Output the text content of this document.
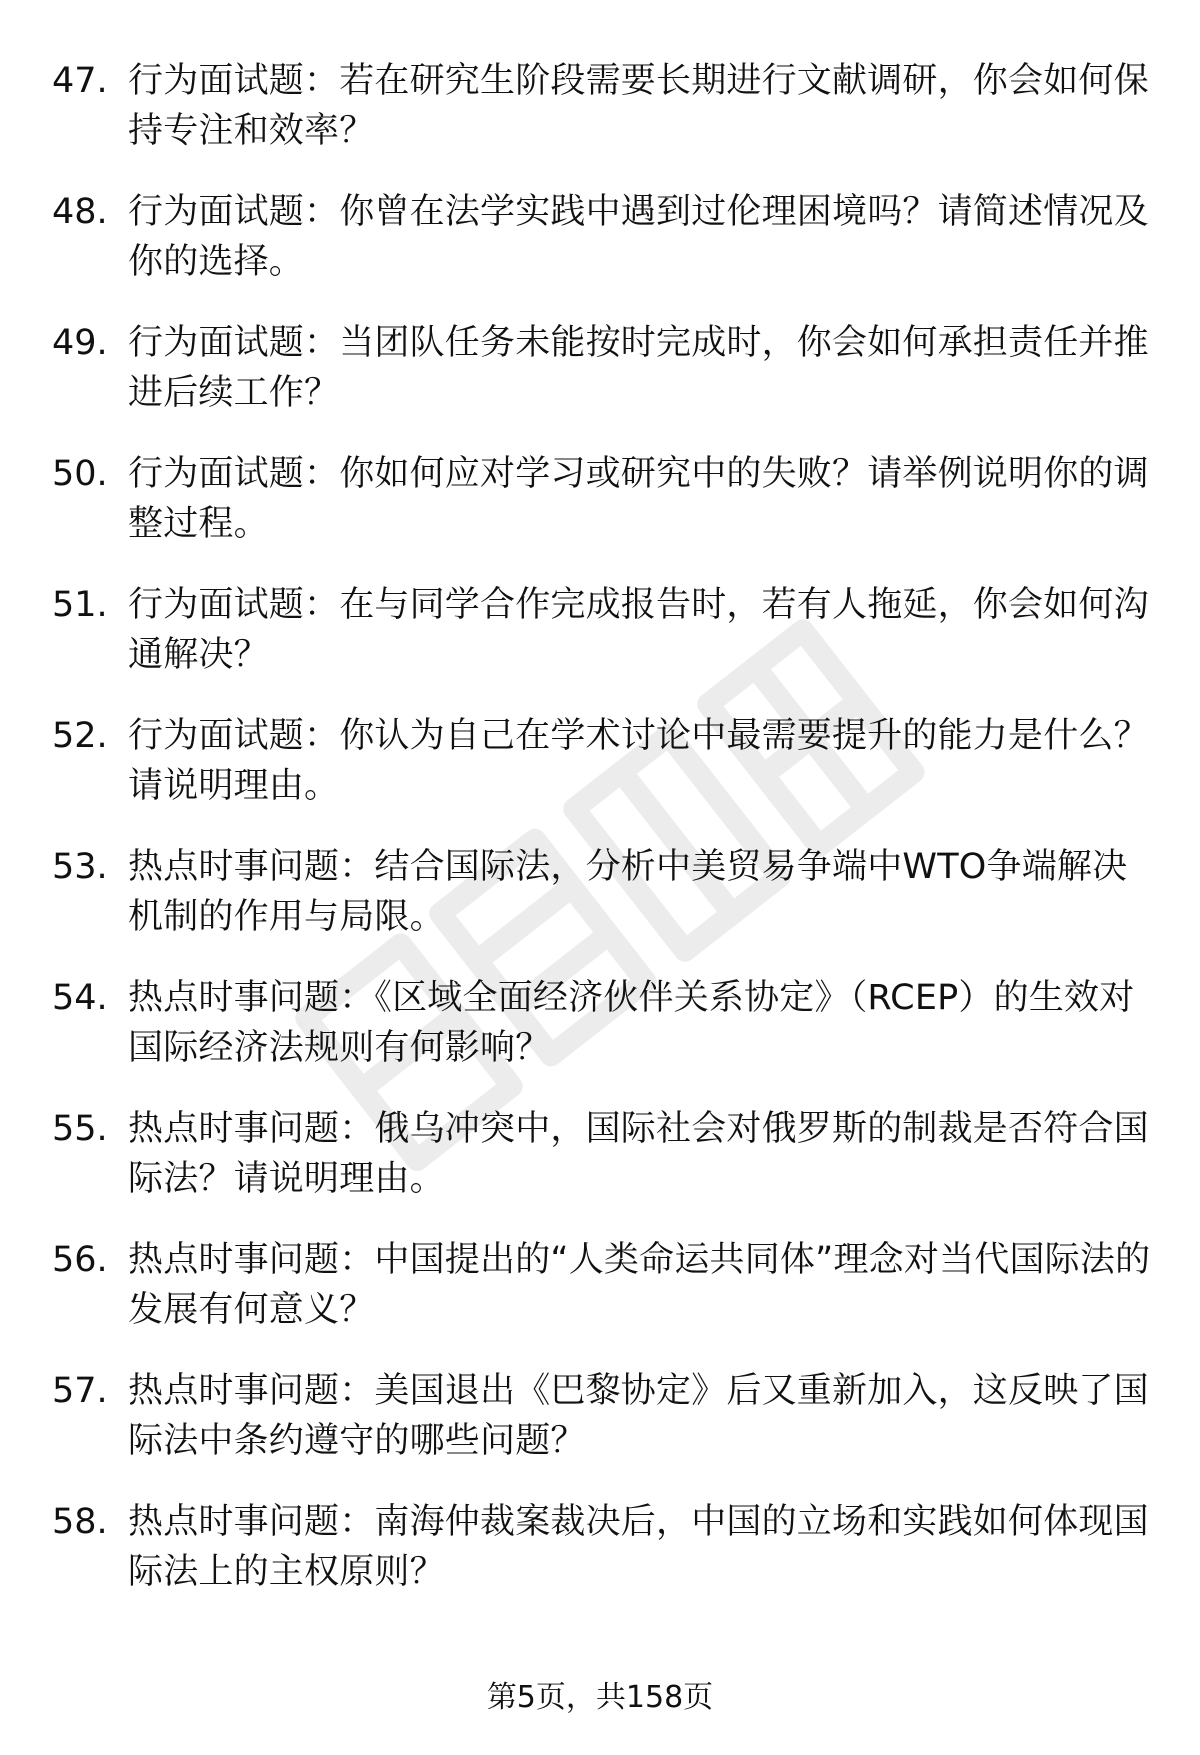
47. 行为面试题：若在研究生阶段需要长期进行文献调研，你会如何保持专注和效率？
48. 行为面试题：你曾在法学实践中遇到过伦理困境吗？请简述情况及你的选择。
49. 行为面试题：当团队任务未能按时完成时，你会如何承担责任并推进后续工作？
50. 行为面试题：你如何应对学习或研究中的失败？请举例说明你的调整过程。
51. 行为面试题：在与同学合作完成报告时，若有人拖延，你会如何沟通解决？
52. 行为面试题：你认为自己在学术讨论中最需要提升的能力是什么？请说明理由。
53. 热点时事问题：结合国际法，分析中美贸易争端中WTO争端解决机制的作用与局限。
54. 热点时事问题：《区域全面经济伙伴关系协定》（RCEP）的生效对国际经济法规则有何影响？
55. 热点时事问题：俄乌冲突中，国际社会对俄罗斯的制裁是否符合国际法？请说明理由。
56. 热点时事问题：中国提出的“人类命运共同体”理念对当代国际法的发展有何意义？
57. 热点时事问题：美国退出《巴黎协定》后又重新加入，这反映了国际法中条约遵守的哪些问题？
58. 热点时事问题：南海仲裁案裁决后，中国的立场和实践如何体现国际法上的主权原则？
第5页，共158页
